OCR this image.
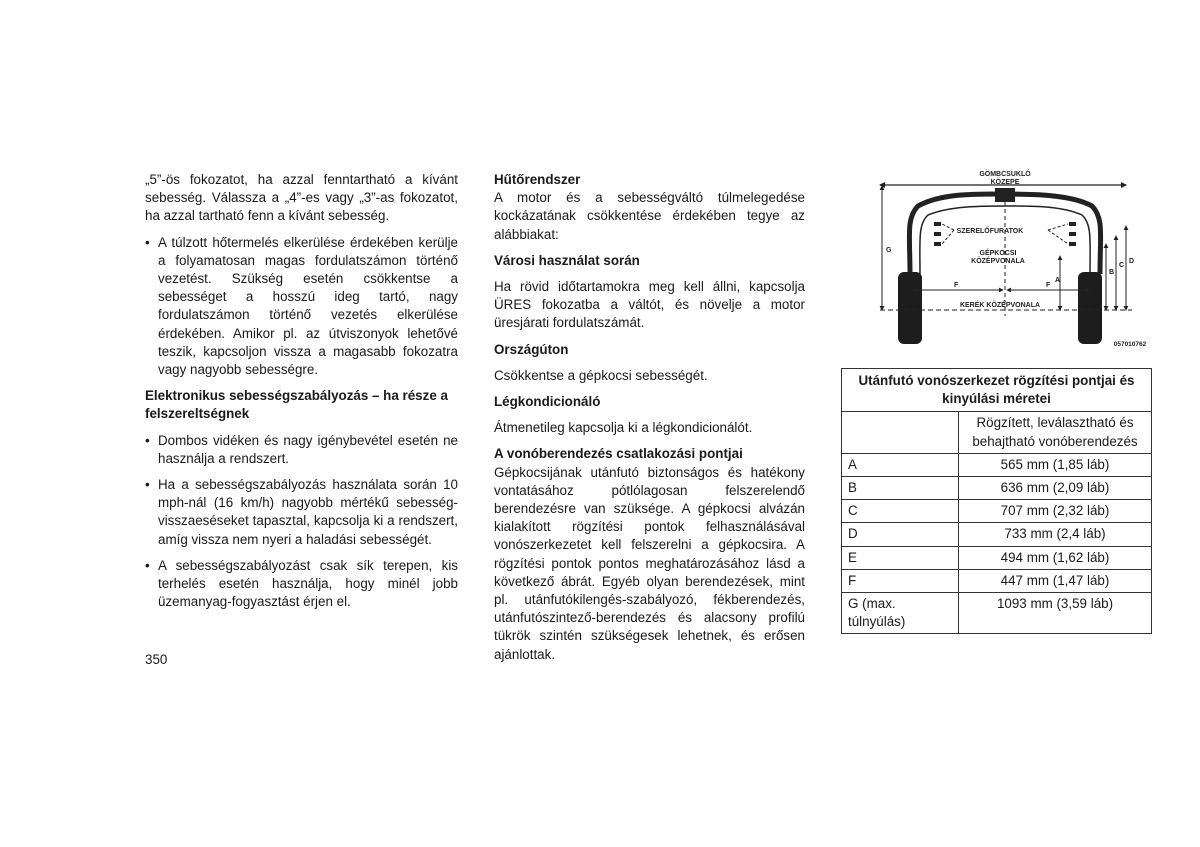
„5”-ös fokozatot, ha azzal fenntartható a kívánt sebesség. Válassza a „4”-es vagy „3”-as fokozatot, ha azzal tartható fenn a kívánt sebesség.

• A túlzott hőtermelés elkerülése érdekében kerülje a folyamatosan magas fordulatszámon történő vezetést. Szükség esetén csökkentse a sebességet a hosszú ideg tartó, nagy fordulatszámon történő vezetés elkerülése érdekében. Amikor pl. az útviszonyok lehetővé teszik, kapcsoljon vissza a magasabb fokozatra vagy nagyobb sebességre.

Elektronikus sebességszabályozás – ha része a felszereltségnek

• Dombos vidéken és nagy igénybevétel esetén ne használja a rendszert.
• Ha a sebességszabályozás használata során 10 mph-nál (16 km/h) nagyobb mértékű sebesség-visszaeséseket tapasztal, kapcsolja ki a rendszert, amíg vissza nem nyeri a haladási sebességét.
• A sebességszabályozást csak sík terepen, kis terhelés esetén használja, hogy minél jobb üzemanyag-fogyasztást érjen el.

Hűtőrendszer

A motor és a sebességváltó túlmelegedése kockázatának csökkentése érdekében tegye az alábbiakat:

Városi használat során

Ha rövid időtartamokra meg kell állni, kapcsolja ÜRES fokozatba a váltót, és növelje a motor üresjárati fordulatszámát.

Országúton

Csökkentse a gépkocsi sebességét.

Légkondicionáló

Átmenetileg kapcsolja ki a légkondicionálót.

A vonóberendezés csatlakozási pontjai

Gépkocsijának utánfutó biztonságos és hatékony vontatásához pótlólagosan felszerelendő berendezésre van szüksége. A gépkocsi alvázán kialakított rögzítési pontok felhasználásával vonószerkezetet kell felszerelni a gépkocsira. A rögzítési pontok pontos meghatározásához lásd a következő ábrát. Egyéb olyan berendezések, mint pl. utánfutókilengés-szabályozó, fékberendezés, utánfutószintező-berendezés és alacsony profilú tükrök szintén szükségesek lehetnek, és erősen ajánlottak.

350
GÖMBCSUKLÓ
KÖZEPE
SZERELŐFURATOK
GÉPKOCSI
KÖZÉPVONALA
KERÉK KÖZÉPVONALA
G
A
B
C
D
F	F
057010762
Utánfutó vonószerkezet rögzítési pontjai és kinyúlási méretei	
	Rögzített, leválasztható és behajtható vonóberendezés
A	565 mm (1,85 láb)
B	636 mm (2,09 láb)
C	707 mm (2,32 láb)
D	733 mm (2,4 láb)
E	494 mm (1,62 láb)
F	447 mm (1,47 láb)
G (max. túlnyúlás)	1093 mm (3,59 láb)
